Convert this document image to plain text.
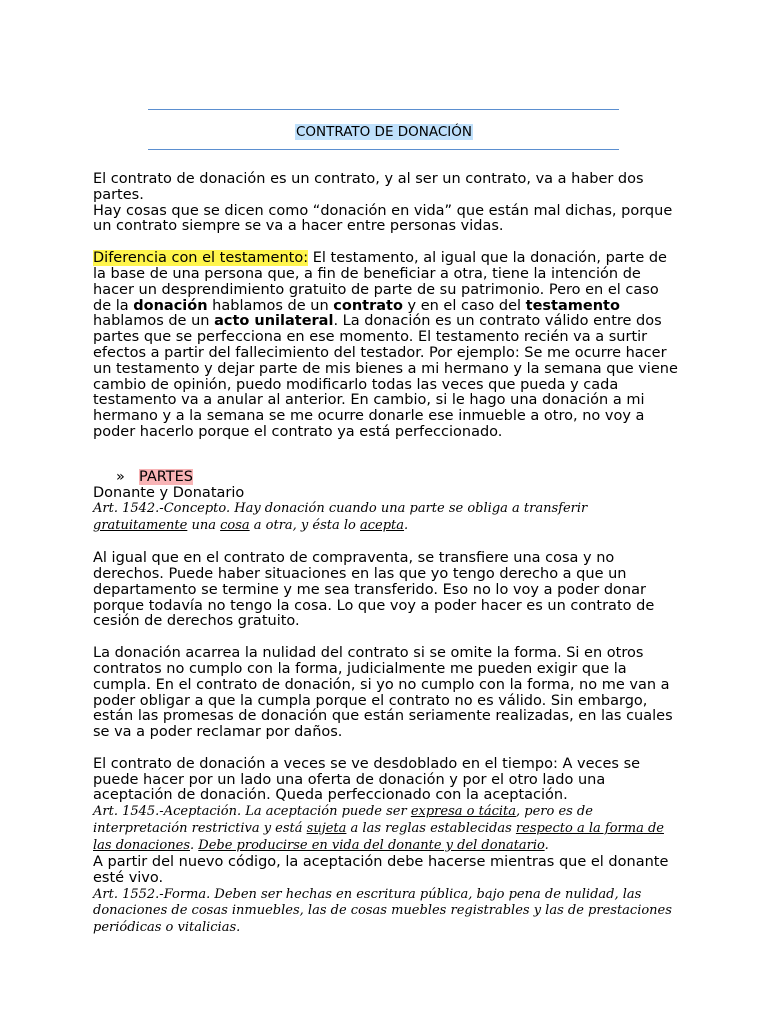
CONTRATO DE DONACIÓN

El contrato de donación es un contrato, y al ser un contrato, va a haber dos partes.

Hay cosas que se dicen como “donación en vida” que están mal dichas, porque un contrato siempre se va a hacer entre personas vidas.

Diferencia con el testamento: El testamento, al igual que la donación, parte de la base de una persona que, a fin de beneficiar a otra, tiene la intención de hacer un desprendimiento gratuito de parte de su patrimonio. Pero en el caso de la donación hablamos de un contrato y en el caso del testamento hablamos de un acto unilateral. La donación es un contrato válido entre dos partes que se perfecciona en ese momento. El testamento recién va a surtir efectos a partir del fallecimiento del testador. Por ejemplo: Se me ocurre hacer un testamento y dejar parte de mis bienes a mi hermano y la semana que viene cambio de opinión, puedo modificarlo todas las veces que pueda y cada testamento va a anular al anterior. En cambio, si le hago una donación a mi hermano y a la semana se me ocurre donarle ese inmueble a otro, no voy a poder hacerlo porque el contrato ya está perfeccionado.

» PARTES

Donante y Donatario

Art. 1542.-Concepto. Hay donación cuando una parte se obliga a transferir gratuitamente una cosa a otra, y ésta lo acepta.

Al igual que en el contrato de compraventa, se transfiere una cosa y no derechos. Puede haber situaciones en las que yo tengo derecho a que un departamento se termine y me sea transferido. Eso no lo voy a poder donar porque todavía no tengo la cosa. Lo que voy a poder hacer es un contrato de cesión de derechos gratuito.

La donación acarrea la nulidad del contrato si se omite la forma. Si en otros contratos no cumplo con la forma, judicialmente me pueden exigir que la cumpla. En el contrato de donación, si yo no cumplo con la forma, no me van a poder obligar a que la cumpla porque el contrato no es válido. Sin embargo, están las promesas de donación que están seriamente realizadas, en las cuales se va a poder reclamar por daños.

El contrato de donación a veces se ve desdoblado en el tiempo: A veces se puede hacer por un lado una oferta de donación y por el otro lado una aceptación de donación. Queda perfeccionado con la aceptación.

Art. 1545.-Aceptación. La aceptación puede ser expresa o tácita, pero es de interpretación restrictiva y está sujeta a las reglas establecidas respecto a la forma de las donaciones. Debe producirse en vida del donante y del donatario.

A partir del nuevo código, la aceptación debe hacerse mientras que el donante esté vivo.

Art. 1552.-Forma. Deben ser hechas en escritura pública, bajo pena de nulidad, las donaciones de cosas inmuebles, las de cosas muebles registrables y las de prestaciones periódicas o vitalicias.
